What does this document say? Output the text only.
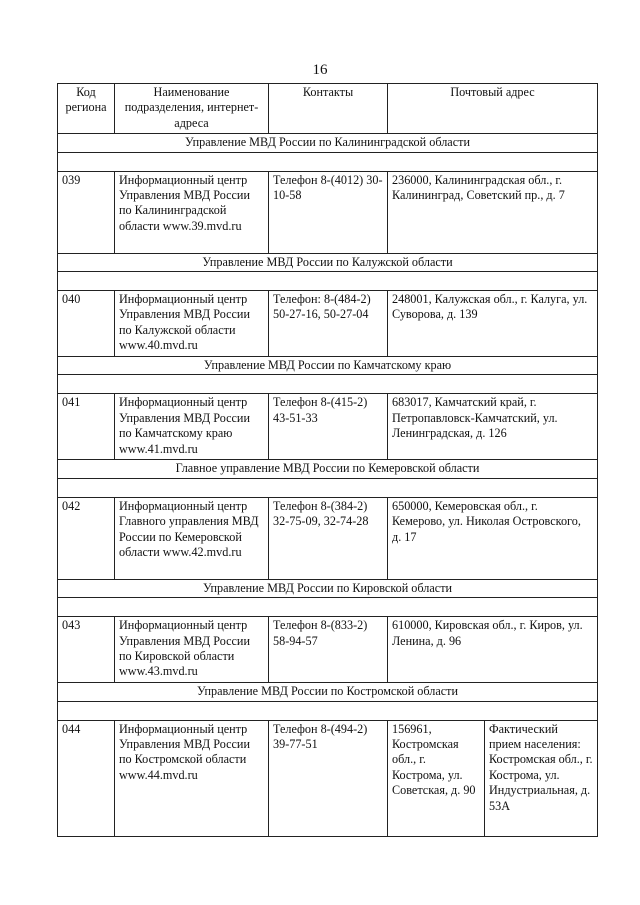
16
Код региона	Наименование подразделения, интернет-адреса	Контакты	Почтовый адрес	
Управление МВД России по Калининградской области				

039	Информационный центр Управления МВД России по Калининградской области www.39.mvd.ru	Телефон 8-(4012) 30-10-58	236000, Калининградская обл., г. Калининград, Советский пр., д. 7	
Управление МВД России по Калужской области				

040	Информационный центр Управления МВД России по Калужской области www.40.mvd.ru	Телефон: 8-(484-2) 50-27-16, 50-27-04	248001, Калужская обл., г. Калуга, ул. Суворова, д. 139	
Управление МВД России по Камчатскому краю				

041	Информационный центр Управления МВД России по Камчатскому краю www.41.mvd.ru	Телефон 8-(415-2) 43-51-33	683017, Камчатский край, г. Петропавловск-Камчатский, ул. Ленинградская, д. 126	
Главное управление МВД России по Кемеровской области				

042	Информационный центр Главного управления МВД России по Кемеровской области www.42.mvd.ru	Телефон 8-(384-2) 32-75-09, 32-74-28	650000, Кемеровская обл., г. Кемерово, ул. Николая Островского, д. 17	
Управление МВД России по Кировской области				

043	Информационный центр Управления МВД России по Кировской области www.43.mvd.ru	Телефон 8-(833-2) 58-94-57	610000, Кировская обл., г. Киров, ул. Ленина, д. 96	
Управление МВД России по Костромской области				

044	Информационный центр Управления МВД России по Костромской области www.44.mvd.ru	Телефон 8-(494-2) 39-77-51	156961, Костромская обл., г. Кострома, ул. Советская, д. 90	Фактический прием населения: Костромская обл., г. Кострома, ул. Индустриальная, д. 53А
